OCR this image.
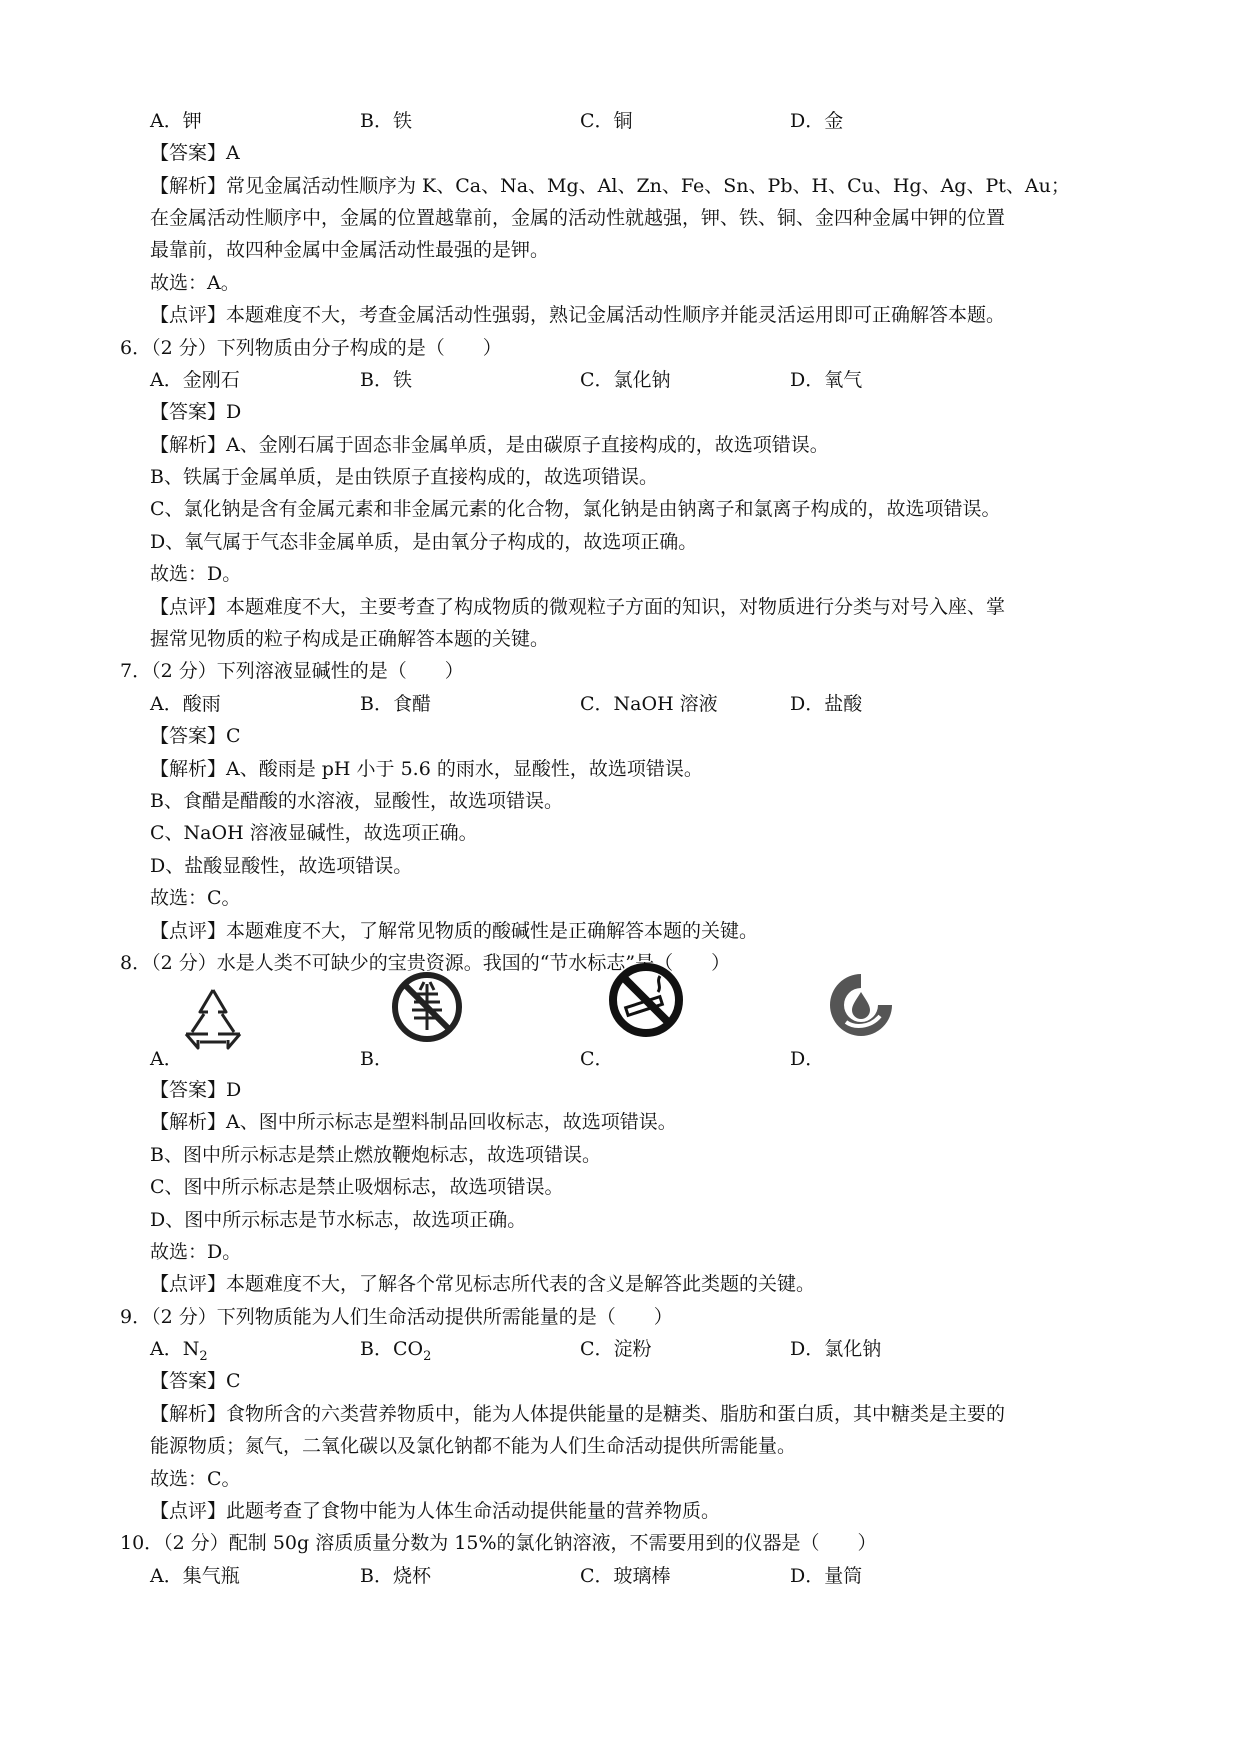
A．钾	B．铁	C．铜	D．金
【答案】A
【解析】常见金属活动性顺序为 K、Ca、Na、Mg、Al、Zn、Fe、Sn、Pb、H、Cu、Hg、Ag、Pt、Au；
在金属活动性顺序中，金属的位置越靠前，金属的活动性就越强，钾、铁、铜、金四种金属中钾的位置
最靠前，故四种金属中金属活动性最强的是钾。
故选：A。
【点评】本题难度不大，考查金属活动性强弱，熟记金属活动性顺序并能灵活运用即可正确解答本题。
6．（2 分）下列物质由分子构成的是（　　）
A．金刚石	B．铁	C．氯化钠	D．氧气
【答案】D
【解析】A、金刚石属于固态非金属单质，是由碳原子直接构成的，故选项错误。
B、铁属于金属单质，是由铁原子直接构成的，故选项错误。
C、氯化钠是含有金属元素和非金属元素的化合物，氯化钠是由钠离子和氯离子构成的，故选项错误。
D、氧气属于气态非金属单质，是由氧分子构成的，故选项正确。
故选：D。
【点评】本题难度不大，主要考查了构成物质的微观粒子方面的知识，对物质进行分类与对号入座、掌
握常见物质的粒子构成是正确解答本题的关键。
7．（2 分）下列溶液显碱性的是（　　）
A．酸雨	B．食醋	C．NaOH 溶液	D．盐酸
【答案】C
【解析】A、酸雨是 pH 小于 5.6 的雨水，显酸性，故选项错误。
B、食醋是醋酸的水溶液，显酸性，故选项错误。
C、NaOH 溶液显碱性，故选项正确。
D、盐酸显酸性，故选项错误。
故选：C。
【点评】本题难度不大，了解常见物质的酸碱性是正确解答本题的关键。
8．（2 分）水是人类不可缺少的宝贵资源。我国的“节水标志”是（　　）
A．	B．	C．	D．
【答案】D
【解析】A、图中所示标志是塑料制品回收标志，故选项错误。
B、图中所示标志是禁止燃放鞭炮标志，故选项错误。
C、图中所示标志是禁止吸烟标志，故选项错误。
D、图中所示标志是节水标志，故选项正确。
故选：D。
【点评】本题难度不大，了解各个常见标志所代表的含义是解答此类题的关键。
9．（2 分）下列物质能为人们生命活动提供所需能量的是（　　）
A．$N_2$	B．$CO_2$	C．淀粉	D．氯化钠
【答案】C
【解析】食物所含的六类营养物质中，能为人体提供能量的是糖类、脂肪和蛋白质，其中糖类是主要的
能源物质；氮气，二氧化碳以及氯化钠都不能为人们生命活动提供所需能量。
故选：C。
【点评】此题考查了食物中能为人体生命活动提供能量的营养物质。
10．（2 分）配制 50g 溶质质量分数为 15%的氯化钠溶液，不需要用到的仪器是（　　）
A．集气瓶	B．烧杯	C．玻璃棒	D．量筒
